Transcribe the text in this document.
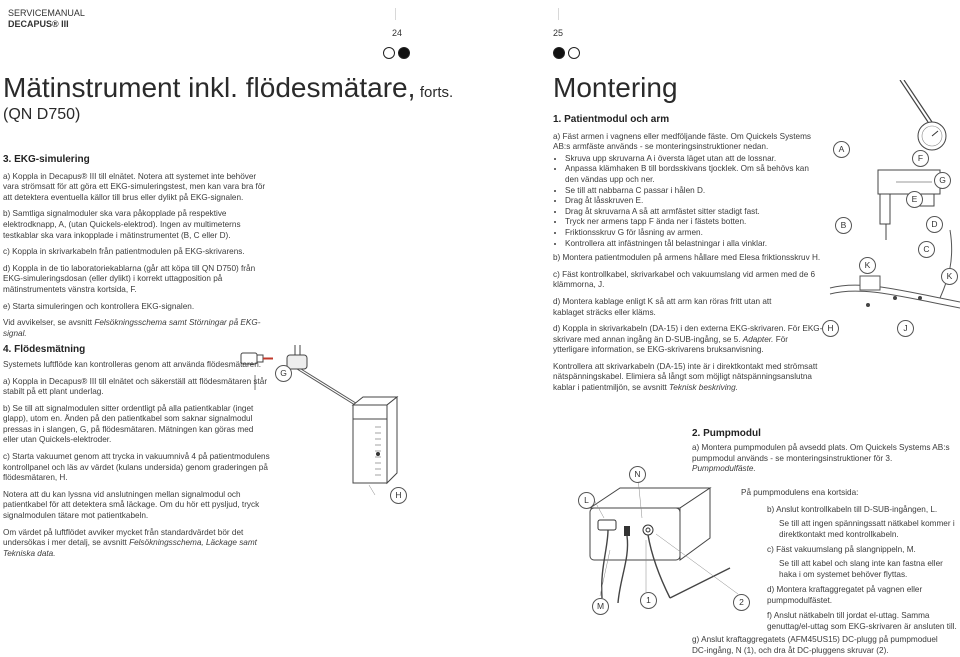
SERVICEMANUAL
DECAPUS® III
24	25
Mätinstrument inkl. flödesmätare, forts.
(QN D750)
3. EKG-simulering

a) Koppla in Decapus® III till elnätet. Notera att systemet inte behöver vara strömsatt för att göra ett EKG-simuleringstest, men kan vara bra för att detektera eventuella källor till brus eller dylikt på EKG-signalen.

b) Samtliga signalmoduler ska vara påkopplade på respektive elektrodknapp, A, (utan Quickels-elektrod). Ingen av multimeterns testkablar ska vara inkopplade i mätinstrumentet (B, C eller D).

c) Koppla in skrivarkabeln från patientmodulen på EKG-skrivarens.

d) Koppla in de tio laboratoriekablarna (går att köpa till QN D750) från EKG-simuleringsdosan (eller dylikt) i korrekt uttagposition på mätinstrumentets vänstra kortsida, F.

e) Starta simuleringen och kontrollera EKG-signalen.

Vid avvikelser, se avsnitt Felsökningsschema samt Störningar på EKG-signal.

4. Flödesmätning

Systemets luftflöde kan kontrolleras genom att använda flödesmätaren.

a) Koppla in Decapus® III till elnätet och säkerställ att flödesmätaren står stabilt på ett plant underlag.

b) Se till att signalmodulen sitter ordentligt på alla patientkablar (inget glapp), utom en. Änden på den patientkabel som saknar signalmodul pressas in i slangen, G, på flödesmätaren. Mätningen kan göras med eller utan Quickels-elektroder.

c) Starta vakuumet genom att trycka in vakuumnivå 4 på patientmodulens kontrollpanel och läs av värdet (kulans undersida) genom graderingen på flödesmätaren, H.

Notera att du kan lyssna vid anslutningen mellan signalmodul och patientkabel för att detektera små läckage. Om du hör ett pysljud, tryck signalmodulen tätare mot patientkabeln.

Om värdet på luftflödet avviker mycket från standardvärdet bör det undersökas i mer detalj, se avsnitt Felsökningsschema, Läckage samt Tekniska data.

G
H
Montering
1. Patientmodul och arm

a) Fäst armen i vagnens eller medföljande fäste. Om Quickels Systems AB:s armfäste används - se monteringsinstruktioner nedan.

• Skruva upp skruvarna A i översta läget utan att de lossnar.
• Anpassa klämhaken B till bordsskivans tjocklek. Om så behövs kan den vändas upp och ner.
• Se till att nabbarna C passar i hålen D.
• Drag åt låsskruven E.
• Drag åt skruvarna A så att armfästet sitter stadigt fast.
• Tryck ner armens tapp F ända ner i fästets botten.
• Friktionsskruv G för låsning av armen.
• Kontrollera att infästningen tål belastningar i alla vinklar.

b) Montera patientmodulen på armens hållare med Elesa friktionsskruv H.

c) Fäst kontrollkabel, skrivarkabel och vakuumslang vid armen med de 6 klämmorna, J.

d) Montera kablage enligt K så att arm kan röras fritt utan att kablaget sträcks eller kläms.

d) Koppla in skrivarkabeln (DA-15) i den externa EKG-skrivaren. För EKG-skrivare med annan ingång än D-SUB-ingång, se 5. Adapter. För ytterligare information, se EKG-skrivarens bruksanvisning.

Kontrollera att skrivarkabeln (DA-15) inte är i direktkontakt med strömsatt nätspänningskabel. Elimiera så långt som möjligt nätspänningsanslutna kablar i patientmiljön, se avsnitt Teknisk beskriving.

A
F
G
E
B	D
C
K
K
H	J
2. Pumpmodul
a) Montera pumpmodulen på avsedd plats. Om Quickels Systems AB:s pumpmodul används - se monteringsinstruktioner för 3. Pumpmodulfäste.
På pumpmodulens ena kortsida:
b) Anslut kontrollkabeln till D-SUB-ingången, L.
Se till att ingen spänningssatt nätkabel kommer i direktkontakt med kontrollkabeln.
c) Fäst vakuumslang på slangnippeln, M.
Se till att kabel och slang inte kan fastna eller haka i om systemet behöver flyttas.
d) Montera kraftaggregatet på vagnen eller pumpmodulfästet.
f) Anslut nätkabeln till jordat el-uttag. Samma genuttag/el-uttag som EKG-skrivaren är ansluten till.
g) Anslut kraftaggregatets (AFM45US15) DC-plugg på pumpmoduel DC-ingång, N (1), och dra åt DC-pluggens skruvar (2).
L
N
M
1	2
